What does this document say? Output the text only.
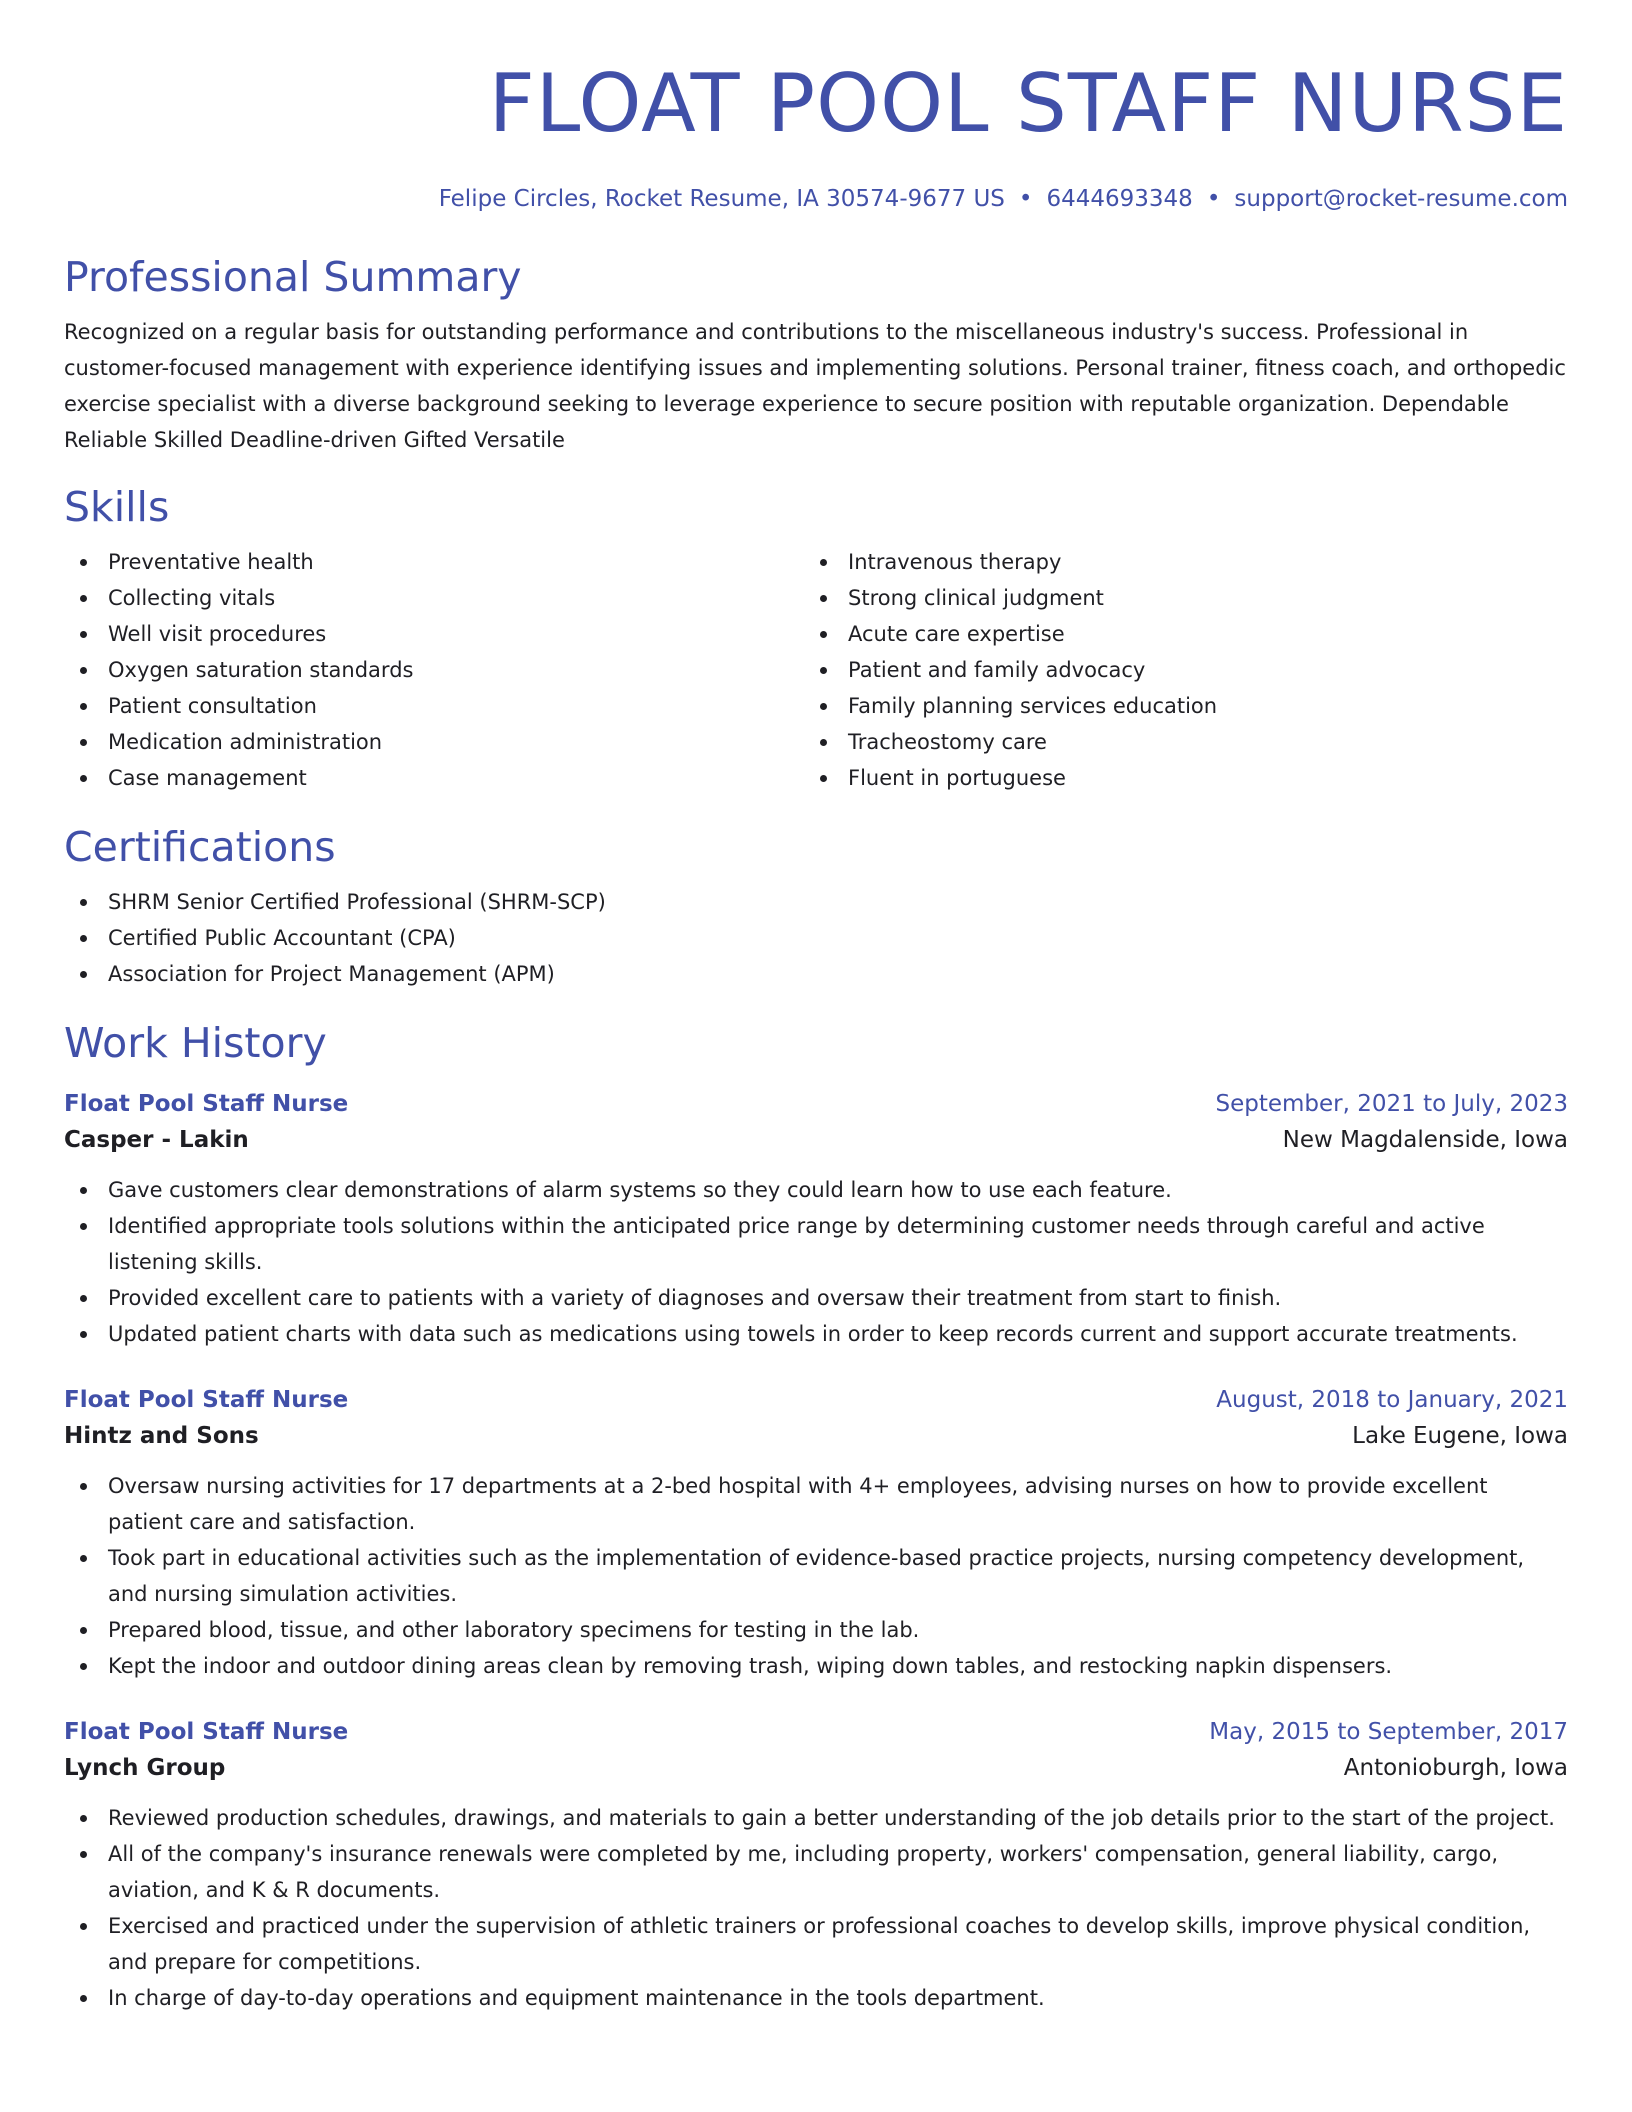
FLOAT POOL STAFF NURSE
Felipe Circles, Rocket Resume, IA 30574-9677 US • 6444693348 • support@rocket-resume.com
Professional Summary
Recognized on a regular basis for outstanding performance and contributions to the miscellaneous industry's success. Professional in customer-focused management with experience identifying issues and implementing solutions. Personal trainer, fitness coach, and orthopedic exercise specialist with a diverse background seeking to leverage experience to secure position with reputable organization. Dependable Reliable Skilled Deadline-driven Gifted Versatile
Skills
Preventative health
Collecting vitals
Well visit procedures
Oxygen saturation standards
Patient consultation
Medication administration
Case management
Intravenous therapy
Strong clinical judgment
Acute care expertise
Patient and family advocacy
Family planning services education
Tracheostomy care
Fluent in portuguese
Certifications
SHRM Senior Certified Professional (SHRM-SCP)
Certified Public Accountant (CPA)
Association for Project Management (APM)
Work History
Float Pool Staff Nurse	September, 2021 to July, 2023
Casper - Lakin	New Magdalenside, Iowa
Gave customers clear demonstrations of alarm systems so they could learn how to use each feature.
Identified appropriate tools solutions within the anticipated price range by determining customer needs through careful and active listening skills.
Provided excellent care to patients with a variety of diagnoses and oversaw their treatment from start to finish.
Updated patient charts with data such as medications using towels in order to keep records current and support accurate treatments.
Float Pool Staff Nurse	August, 2018 to January, 2021
Hintz and Sons	Lake Eugene, Iowa
Oversaw nursing activities for 17 departments at a 2-bed hospital with 4+ employees, advising nurses on how to provide excellent patient care and satisfaction.
Took part in educational activities such as the implementation of evidence-based practice projects, nursing competency development, and nursing simulation activities.
Prepared blood, tissue, and other laboratory specimens for testing in the lab.
Kept the indoor and outdoor dining areas clean by removing trash, wiping down tables, and restocking napkin dispensers.
Float Pool Staff Nurse	May, 2015 to September, 2017
Lynch Group	Antonioburgh, Iowa
Reviewed production schedules, drawings, and materials to gain a better understanding of the job details prior to the start of the project.
All of the company's insurance renewals were completed by me, including property, workers' compensation, general liability, cargo, aviation, and K & R documents.
Exercised and practiced under the supervision of athletic trainers or professional coaches to develop skills, improve physical condition, and prepare for competitions.
In charge of day-to-day operations and equipment maintenance in the tools department.
